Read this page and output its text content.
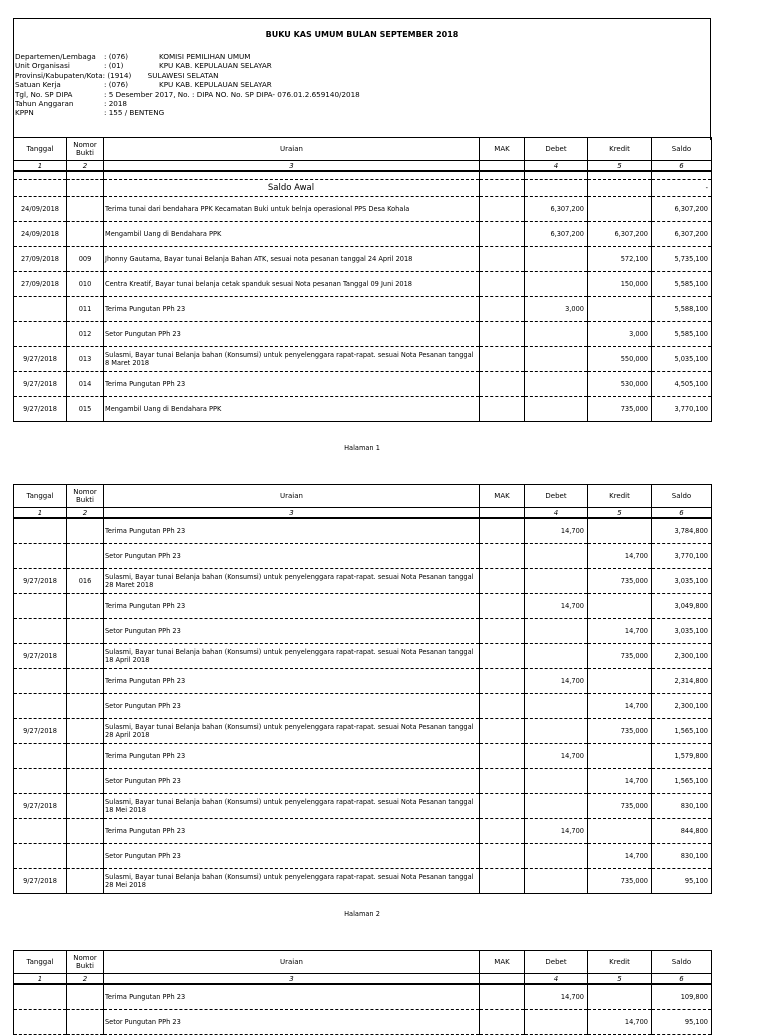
BUKU KAS UMUM BULAN SEPTEMBER 2018
Departemen/Lembaga : (076)	KOMISI PEMILIHAN UMUM
Unit Organisasi	: (01)	KPU KAB. KEPULAUAN SELAYAR
Provinsi/Kabupaten/Kota: (1914) SULAWESI SELATAN
Satuan Kerja	: (076)	KPU KAB. KEPULAUAN SELAYAR
Tgl, No. SP DIPA	: 5 Desember 2017, No. : DIPA NO. No. SP DIPA- 076.01.2.659140/2018
Tahun Anggaran	: 2018
KPPN	: 155 / BENTENG
Tanggal	Nomor Bukti	Uraian	MAK	Debet	Kredit	Saldo
1	2	3		4	5	6

		Saldo Awal				-
24/09/2018		Terima tunai dari bendahara PPK Kecamatan Buki untuk belnja operasional PPS Desa Kohala		6,307,200		6,307,200
24/09/2018		Mengambil Uang di Bendahara PPK		6,307,200	6,307,200	6,307,200
27/09/2018	009	Jhonny Gautama, Bayar tunai Belanja Bahan ATK, sesuai nota pesanan tanggal 24 April 2018			572,100	5,735,100
27/09/2018	010	Centra Kreatif, Bayar tunai belanja cetak spanduk sesuai Nota pesanan Tanggal 09 Juni 2018			150,000	5,585,100
	011	Terima Pungutan PPh 23		3,000		5,588,100
	012	Setor Pungutan PPh 23			3,000	5,585,100
9/27/2018	013	Sulasmi, Bayar tunai Belanja bahan (Konsumsi) untuk penyelenggara rapat-rapat. sesuai Nota Pesanan tanggal 8 Maret 2018			550,000	5,035,100
9/27/2018	014	Terima Pungutan PPh 23			530,000	4,505,100
9/27/2018	015	Mengambil Uang di Bendahara PPK			735,000	3,770,100
Halaman 1
Tanggal	Nomor Bukti	Uraian	MAK	Debet	Kredit	Saldo
1	2	3		4	5	6
		Terima Pungutan PPh 23		14,700		3,784,800
		Setor Pungutan PPh 23			14,700	3,770,100
9/27/2018	016	Sulasmi, Bayar tunai Belanja bahan (Konsumsi) untuk penyelenggara rapat-rapat. sesuai Nota Pesanan tanggal 28 Maret 2018			735,000	3,035,100
		Terima Pungutan PPh 23		14,700		3,049,800
		Setor Pungutan PPh 23			14,700	3,035,100
9/27/2018		Sulasmi, Bayar tunai Belanja bahan (Konsumsi) untuk penyelenggara rapat-rapat. sesuai Nota Pesanan tanggal 18 April 2018			735,000	2,300,100
		Terima Pungutan PPh 23		14,700		2,314,800
		Setor Pungutan PPh 23			14,700	2,300,100
9/27/2018		Sulasmi, Bayar tunai Belanja bahan (Konsumsi) untuk penyelenggara rapat-rapat. sesuai Nota Pesanan tanggal 28 April 2018			735,000	1,565,100
		Terima Pungutan PPh 23		14,700		1,579,800
		Setor Pungutan PPh 23			14,700	1,565,100
9/27/2018		Sulasmi, Bayar tunai Belanja bahan (Konsumsi) untuk penyelenggara rapat-rapat. sesuai Nota Pesanan tanggal 18 Mei 2018			735,000	830,100
		Terima Pungutan PPh 23		14,700		844,800
		Setor Pungutan PPh 23			14,700	830,100
9/27/2018		Sulasmi, Bayar tunai Belanja bahan (Konsumsi) untuk penyelenggara rapat-rapat. sesuai Nota Pesanan tanggal 28 Mei 2018			735,000	95,100
Halaman 2
Tanggal	Nomor Bukti	Uraian	MAK	Debet	Kredit	Saldo
1	2	3		4	5	6
		Terima Pungutan PPh 23		14,700		109,800
		Setor Pungutan PPh 23			14,700	95,100
